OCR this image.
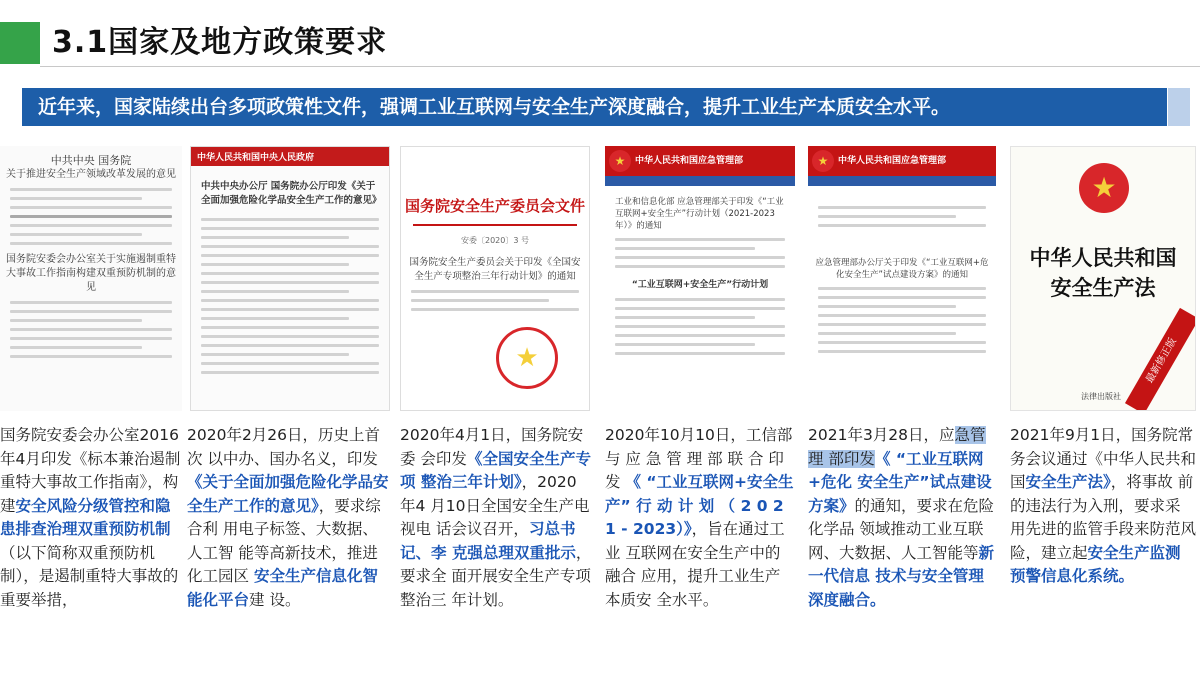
3.1国家及地方政策要求
近年来，国家陆续出台多项政策性文件，强调工业互联网与安全生产深度融合，提升工业生产本质安全水平。
中共中央 国务院
关于推进安全生产领域改革发展的意见
国务院安委会办公室关于实施遏制重特大事故工作指南构建双重预防机制的意见
中华人民共和国中央人民政府
中共中央办公厅 国务院办公厅印发《关于全面加强危险化学品安全生产工作的意见》	国务院安全生产委员会文件
安委〔2020〕3 号
国务院安全生产委员会关于印发《全国安全生产专项整治三年行动计划》的通知
★
★
中华人民共和国应急管理部
工业和信息化部 应急管理部关于印发《“工业互联网+安全生产”行动计划（2021-2023年）》的通知
“工业互联网+安全生产”行动计划
★
中华人民共和国应急管理部
应急管理部办公厅关于印发《“工业互联网+危化安全生产”试点建设方案》的通知
★
中华人民共和国安全生产法
最新修正版
法律出版社
国务院安委会办公室2016年4月印发《标本兼治遏制重特大事故工作指南》，构建安全风险分级管控和隐患排查治理双重预防机制（以下简称双重预防机制），是遏制重特大事故的重要举措，
2020年2月26日，历史上首次 以中办、国办名义，印发《关于全面加强危险化学品安全生产工作的意见》，要求综合利 用电子标签、大数据、人工智 能等高新技术，推进化工园区 安全生产信息化智能化平台建 设。
2020年4月1日，国务院安委 会印发《全国安全生产专项 整治三年计划》，2020年4 月10日全国安全生产电视电 话会议召开，习总书记、李 克强总理双重批示，要求全 面开展安全生产专项整治三 年计划。
2020年10月10日，工信部 与 应 急 管 理 部 联 合 印 发 《 “工业互联网+安全生产” 行 动 计 划 （ 2 0 2 1 - 2023）》，旨在通过工业 互联网在安全生产中的融合 应用，提升工业生产本质安 全水平。
2021年3月28日，应急管理 部印发《 “工业互联网+危化 安全生产”试点建设方案》的通知，要求在危险化学品 领域推动工业互联网、大数据、人工智能等新一代信息 技术与安全管理深度融合。
2021年9月1日，国务院常 务会议通过《中华人民共和 国安全生产法》，将事故 前的违法行为入刑，要求采 用先进的监管手段来防范风 险，建立起安全生产监测预警信息化系统。
